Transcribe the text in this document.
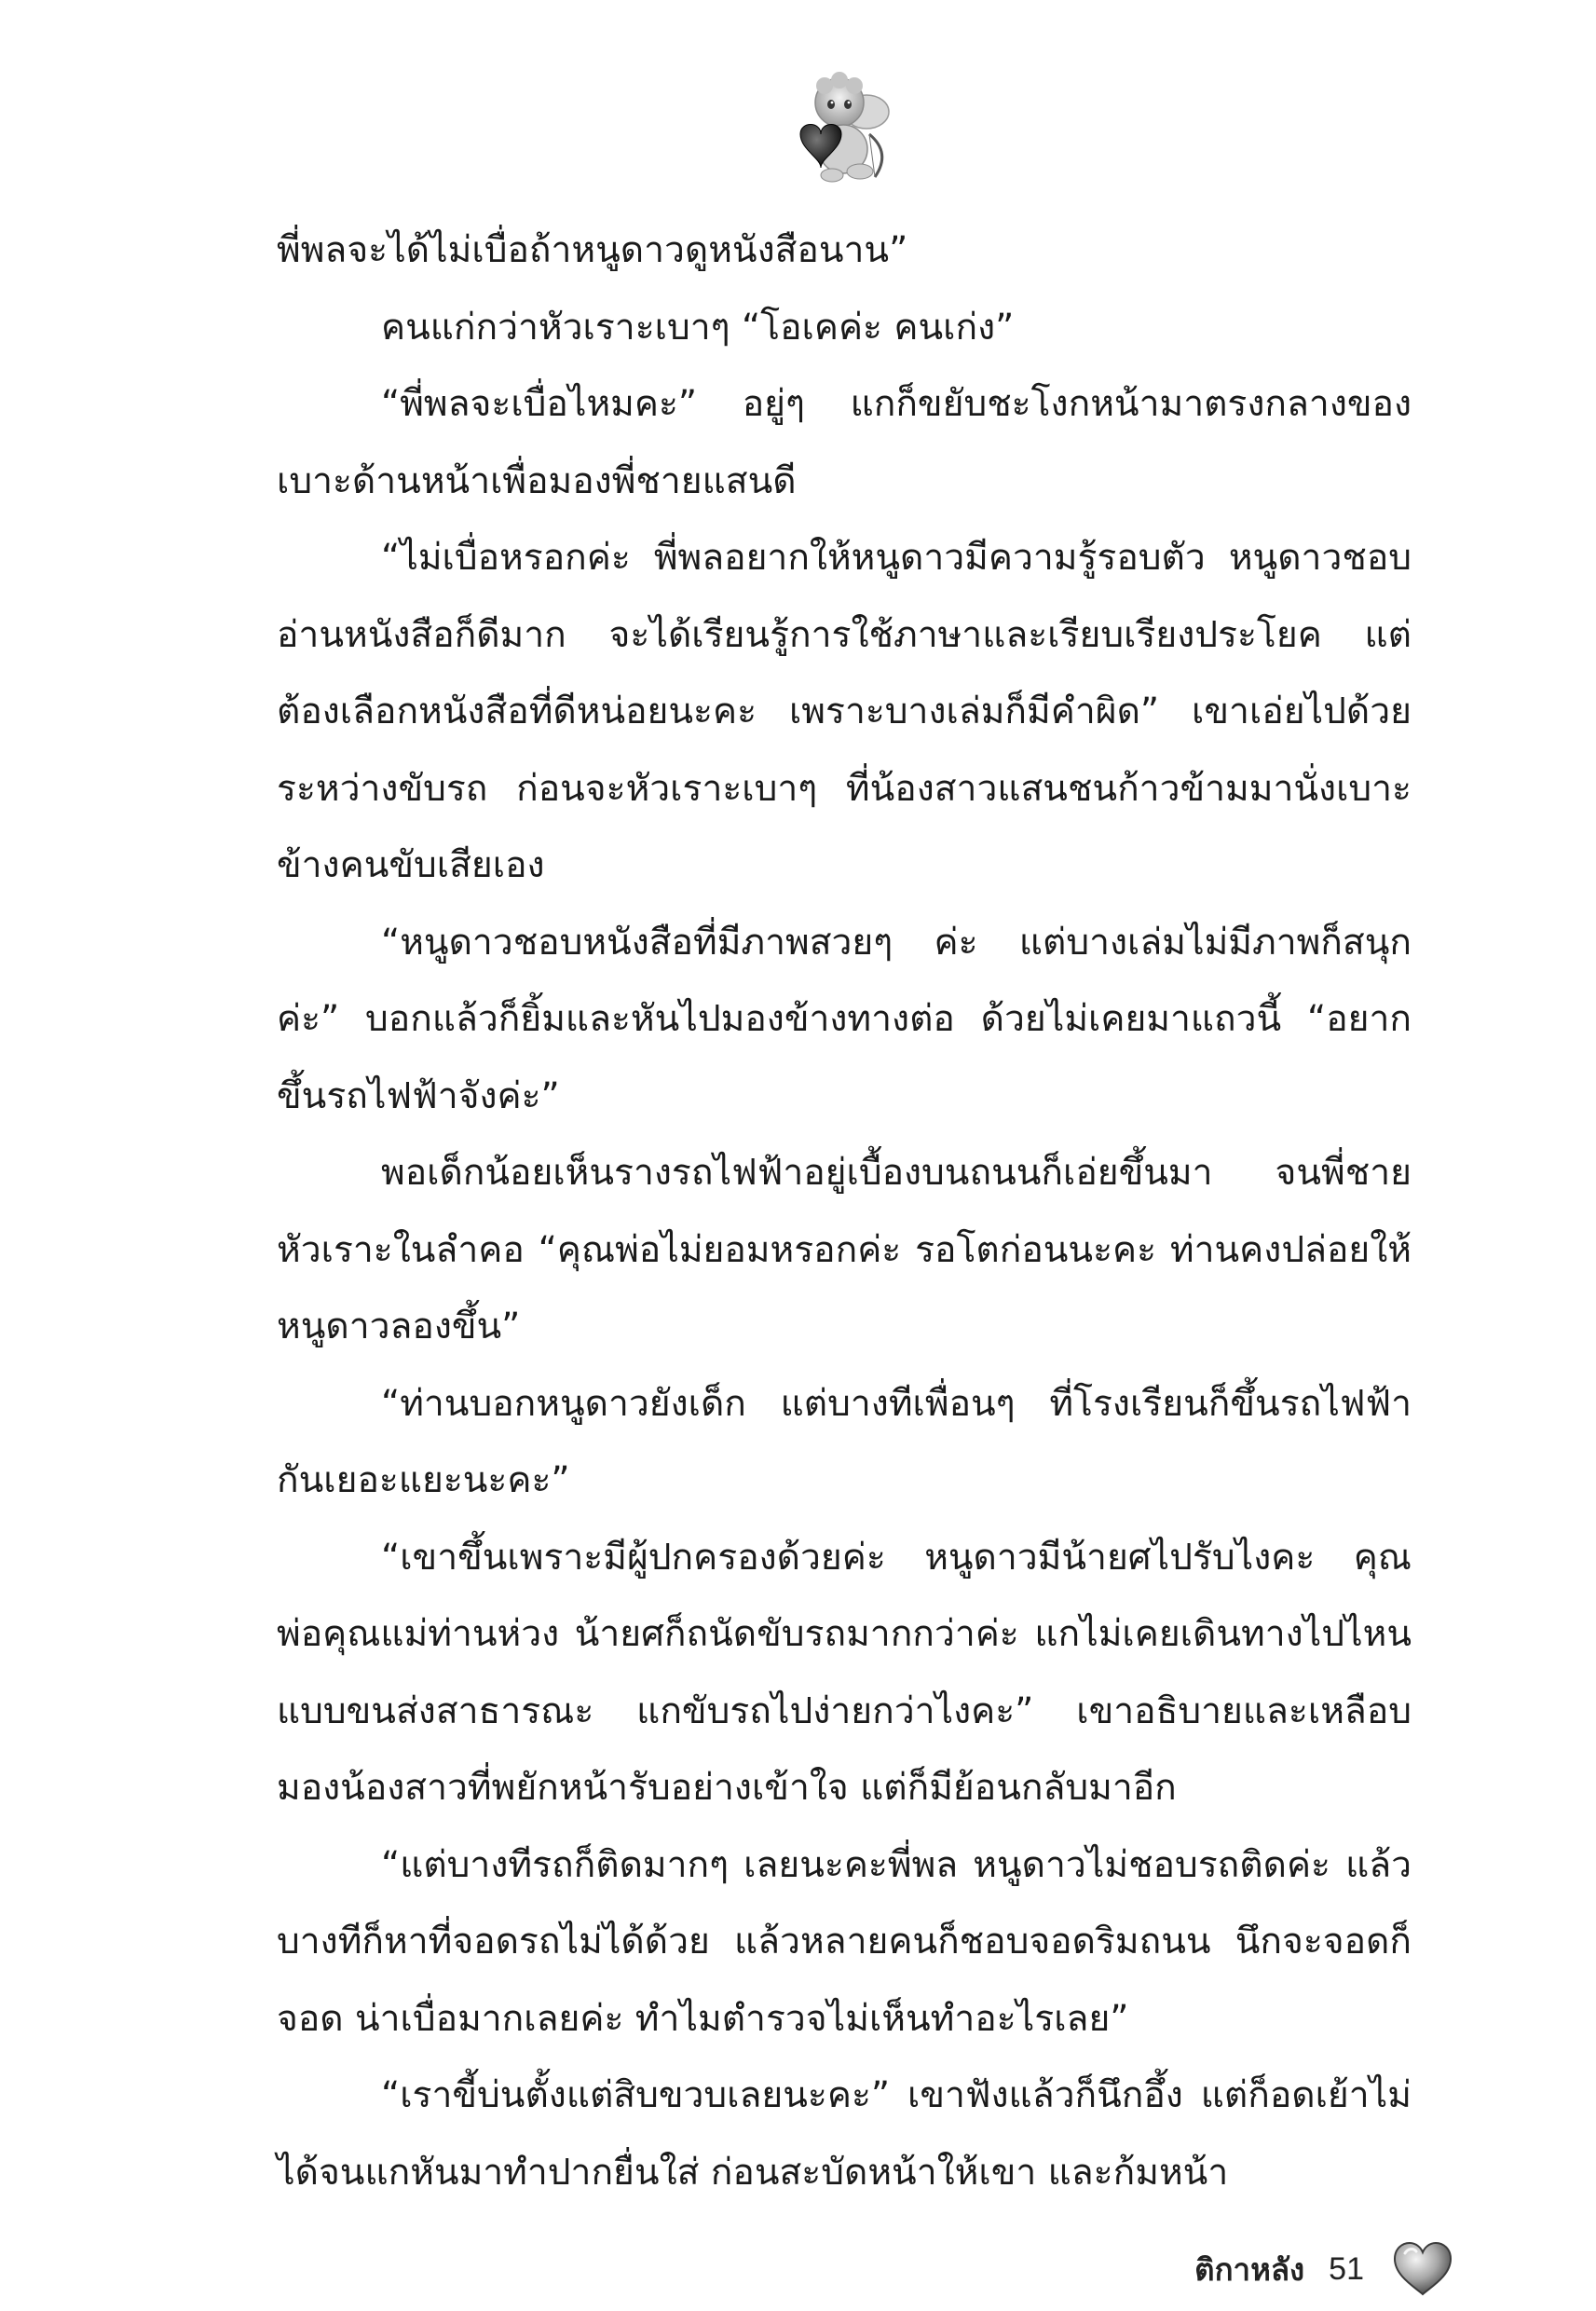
พี่พลจะได้ไม่เบื่อถ้าหนูดาวดูหนังสือนาน”

คนแก่กว่าหัวเราะเบาๆ “โอเคค่ะ คนเก่ง”

“พี่พลจะเบื่อไหมคะ” อยู่ๆ แกก็ขยับชะโงกหน้ามาตรงกลางของเบาะด้านหน้าเพื่อมองพี่ชายแสนดี

“ไม่เบื่อหรอกค่ะ พี่พลอยากให้หนูดาวมีความรู้รอบตัว หนูดาวชอบอ่านหนังสือก็ดีมาก จะได้เรียนรู้การใช้ภาษาและเรียบเรียงประโยค แต่ต้องเลือกหนังสือที่ดีหน่อยนะคะ เพราะบางเล่มก็มีคำผิด” เขาเอ่ยไปด้วยระหว่างขับรถ ก่อนจะหัวเราะเบาๆ ที่น้องสาวแสนชนก้าวข้ามมานั่งเบาะข้างคนขับเสียเอง

“หนูดาวชอบหนังสือที่มีภาพสวยๆ ค่ะ แต่บางเล่มไม่มีภาพก็สนุกค่ะ” บอกแล้วก็ยิ้มและหันไปมองข้างทางต่อ ด้วยไม่เคยมาแถวนี้ “อยากขึ้นรถไฟฟ้าจังค่ะ”

พอเด็กน้อยเห็นรางรถไฟฟ้าอยู่เบื้องบนถนนก็เอ่ยขึ้นมา จนพี่ชายหัวเราะในลำคอ “คุณพ่อไม่ยอมหรอกค่ะ รอโตก่อนนะคะ ท่านคงปล่อยให้หนูดาวลองขึ้น”

“ท่านบอกหนูดาวยังเด็ก แต่บางทีเพื่อนๆ ที่โรงเรียนก็ขึ้นรถไฟฟ้ากันเยอะแยะนะคะ”

“เขาขึ้นเพราะมีผู้ปกครองด้วยค่ะ หนูดาวมีน้ายศไปรับไงคะ คุณพ่อคุณแม่ท่านห่วง น้ายศก็ถนัดขับรถมากกว่าค่ะ แกไม่เคยเดินทางไปไหนแบบขนส่งสาธารณะ แกขับรถไปง่ายกว่าไงคะ” เขาอธิบายและเหลือบมองน้องสาวที่พยักหน้ารับอย่างเข้าใจ แต่ก็มีย้อนกลับมาอีก

“แต่บางทีรถก็ติดมากๆ เลยนะคะพี่พล หนูดาวไม่ชอบรถติดค่ะ แล้วบางทีก็หาที่จอดรถไม่ได้ด้วย แล้วหลายคนก็ชอบจอดริมถนน นึกจะจอดก็จอด น่าเบื่อมากเลยค่ะ ทำไมตำรวจไม่เห็นทำอะไรเลย”

“เราขี้บ่นตั้งแต่สิบขวบเลยนะคะ” เขาฟังแล้วก็นึกอึ้ง แต่ก็อดเย้าไม่ได้จนแกหันมาทำปากยื่นใส่ ก่อนสะบัดหน้าให้เขา และก้มหน้า

ติกาหลัง 51
